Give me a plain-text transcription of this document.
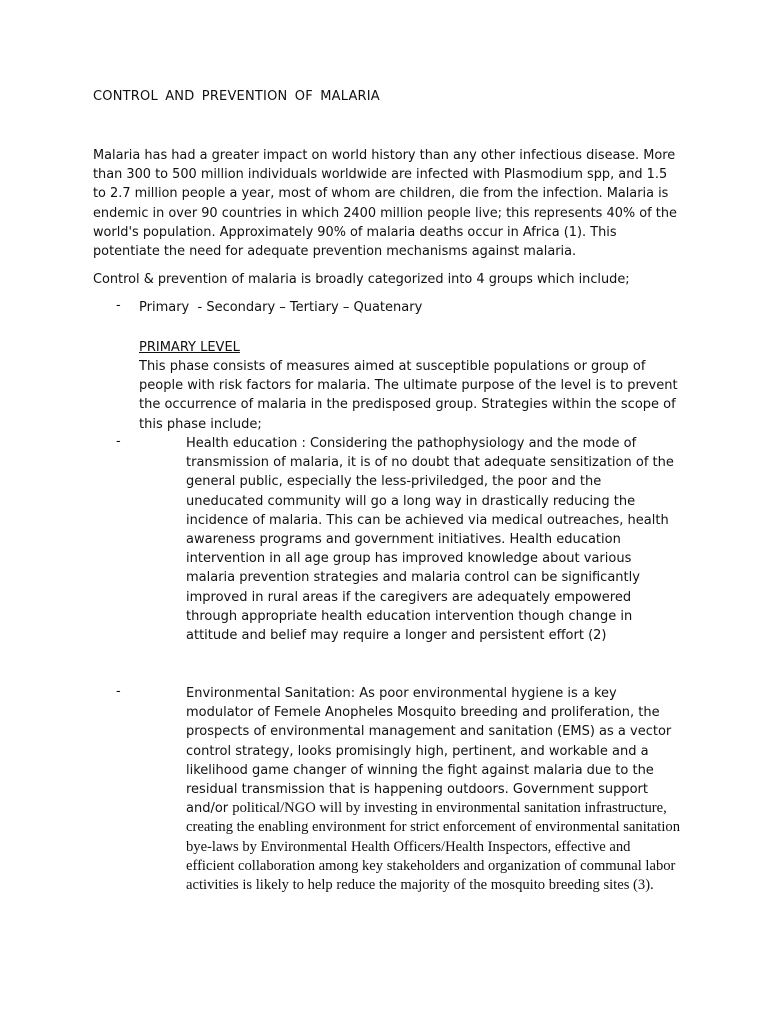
CONTROL AND PREVENTION OF MALARIA

Malaria has had a greater impact on world history than any other infectious disease. More than 300 to 500 million individuals worldwide are infected with Plasmodium spp, and 1.5 to 2.7 million people a year, most of whom are children, die from the infection. Malaria is endemic in over 90 countries in which 2400 million people live; this represents 40% of the world's population. Approximately 90% of malaria deaths occur in Africa (1). This potentiate the need for adequate prevention mechanisms against malaria.

Control & prevention of malaria is broadly categorized into 4 groups which include;

- Primary  - Secondary – Tertiary – Quatenary
PRIMARY LEVEL

This phase consists of measures aimed at susceptible populations or group of people with risk factors for malaria. The ultimate purpose of the level is to prevent the occurrence of malaria in the predisposed group. Strategies within the scope of this phase include;

-	Health education : Considering the pathophysiology and the mode of transmission of malaria, it is of no doubt that adequate sensitization of the general public, especially the less-priviledged, the poor and the uneducated community will go a long way in drastically reducing the incidence of malaria. This can be achieved via medical outreaches, health awareness programs and government initiatives. Health education intervention in all age group has improved knowledge about various malaria prevention strategies and malaria control can be significantly improved in rural areas if the caregivers are adequately empowered through appropriate health education intervention though change in attitude and belief may require a longer and persistent effort (2)

-	Environmental Sanitation: As poor environmental hygiene is a key modulator of Femele Anopheles Mosquito breeding and proliferation, the prospects of environmental management and sanitation (EMS) as a vector control strategy, looks promisingly high, pertinent, and workable and a likelihood game changer of winning the fight against malaria due to the residual transmission that is happening outdoors. Government support and/or political/NGO will by investing in environmental sanitation infrastructure, creating the enabling environment for strict enforcement of environmental sanitation bye-laws by Environmental Health Officers/Health Inspectors, effective and efficient collaboration among key stakeholders and organization of communal labor activities is likely to help reduce the majority of the mosquito breeding sites (3).
